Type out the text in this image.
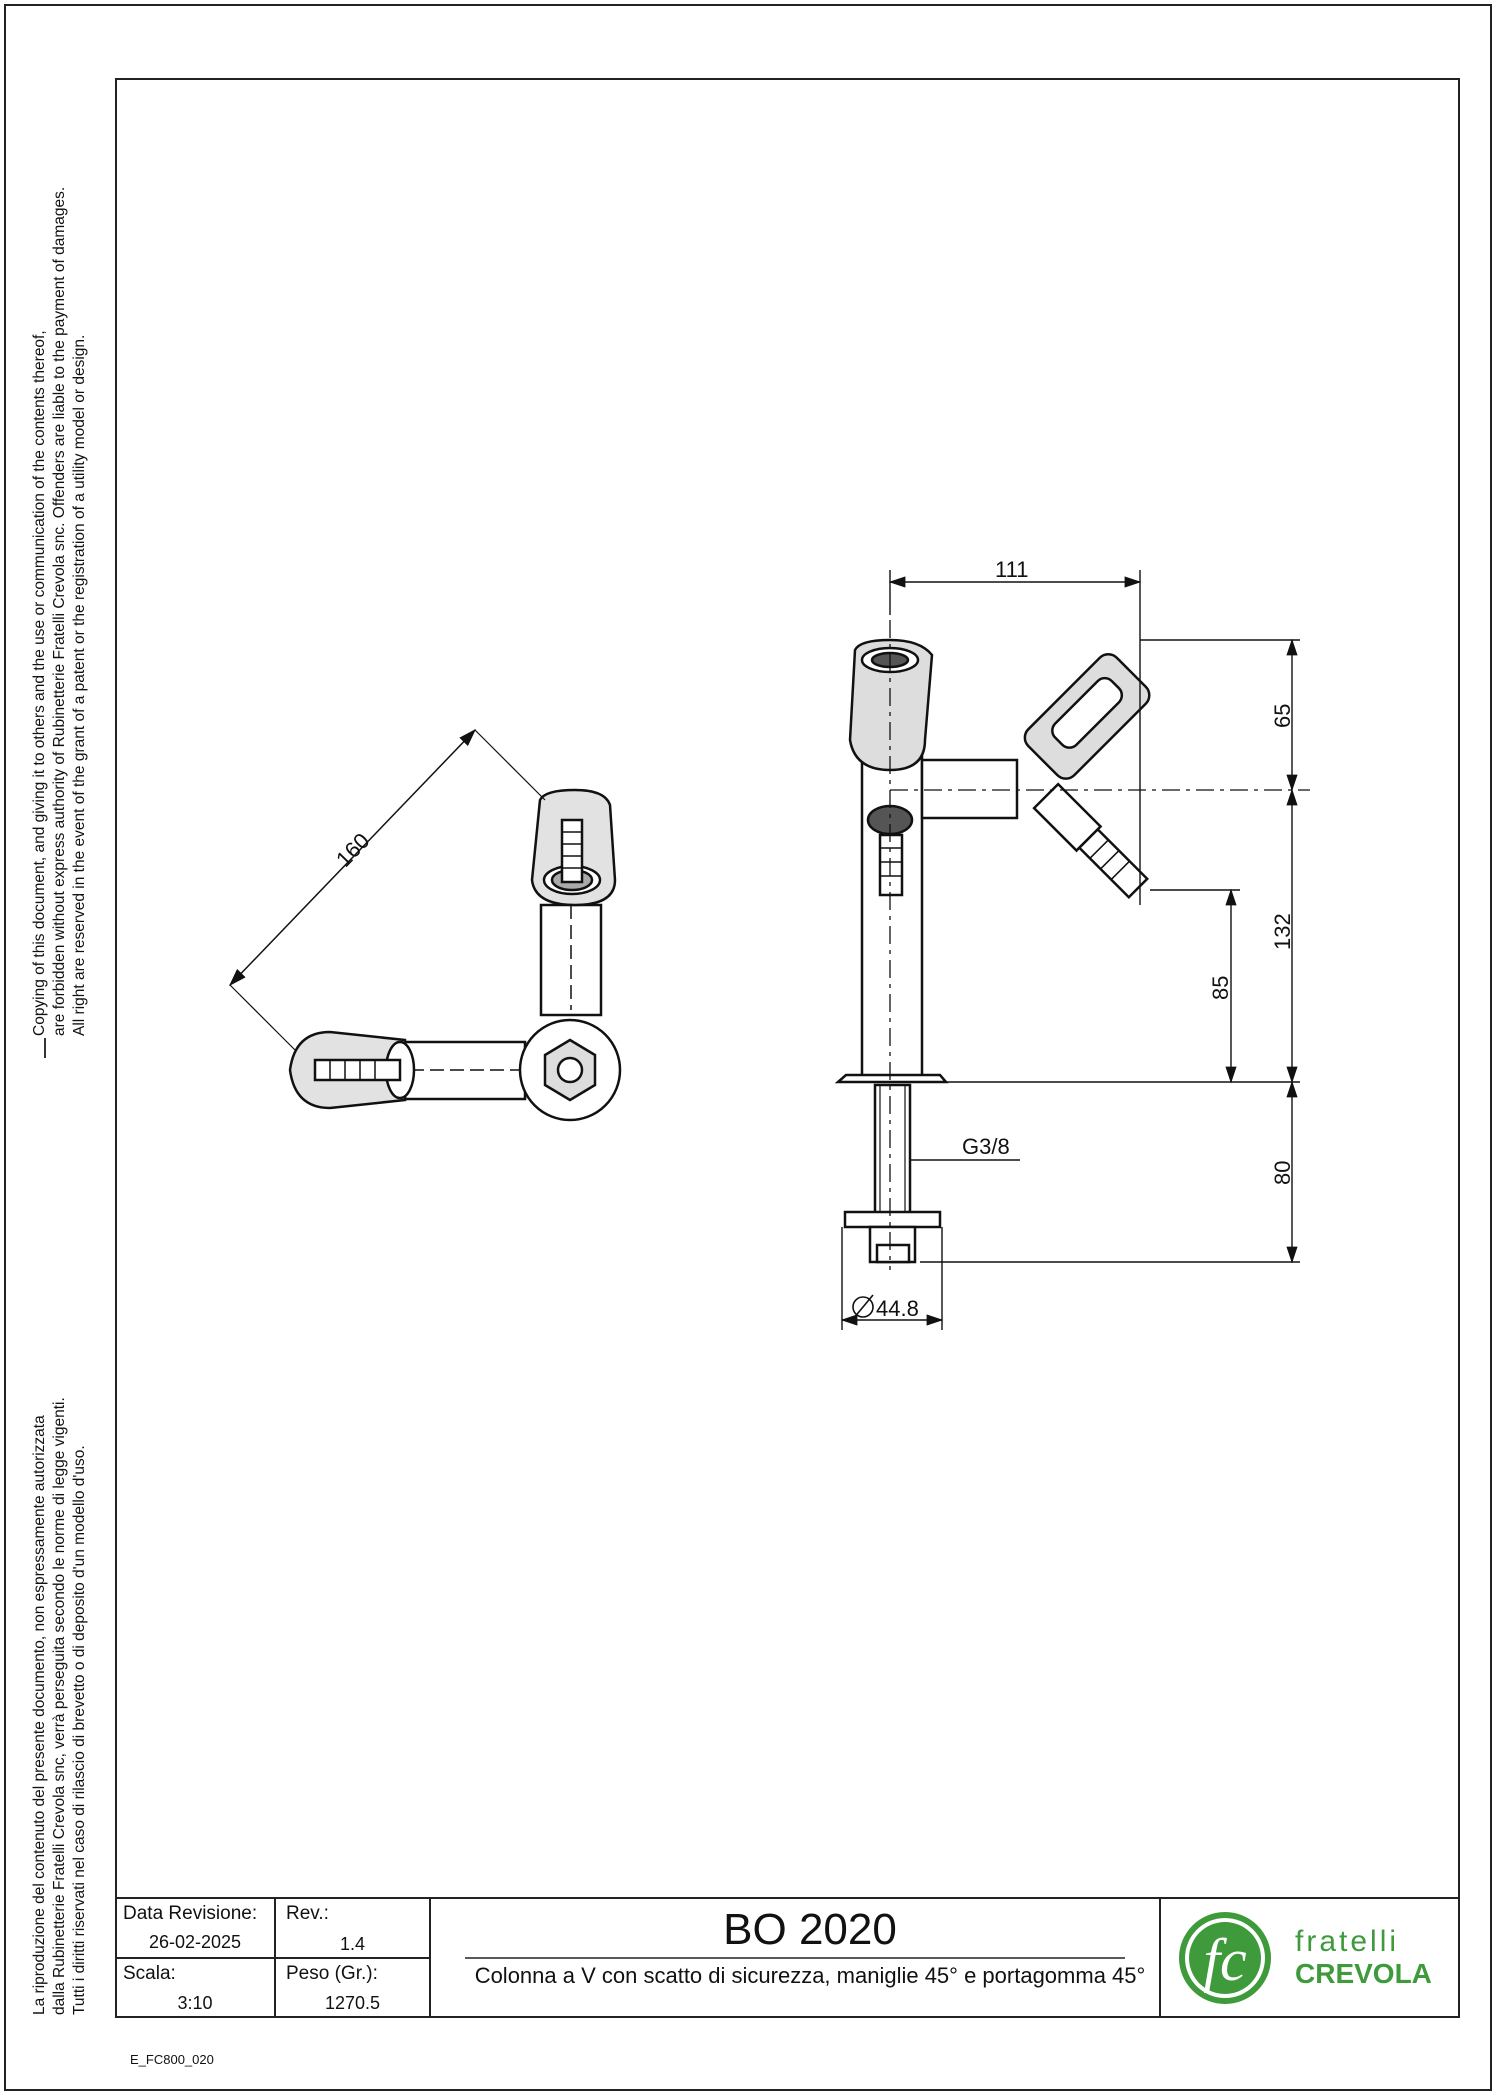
Copying of this document, and giving it to others and the use or communication of the contents thereof, are forbidden without express authority of Rubinetterie Fratelli Crevola snc. Offenders are liable to the payment of damages. All right are reserved in the event of the grant of a patent or the registration of a utility model or design.
La riproduzione del contenuto del presente documento, non espressamente autorizzata dalla Rubinetterie Fratelli Crevola snc, verrà perseguita secondo le norme di legge vigenti. Tutti i diritti riservati nel caso di rilascio di brevetto o di deposito d'un modello d'uso.
160
111
65
132
85
80
G3/8
44.8
fc
Data Revisione:
26-02-2025
Rev.:
1.4
Scala:
3:10
Peso (Gr.):
1270.5
BO 2020
Colonna a V con scatto di sicurezza, maniglie 45° e portagomma 45°
fratelli
CREVOLA
E_FC800_020
